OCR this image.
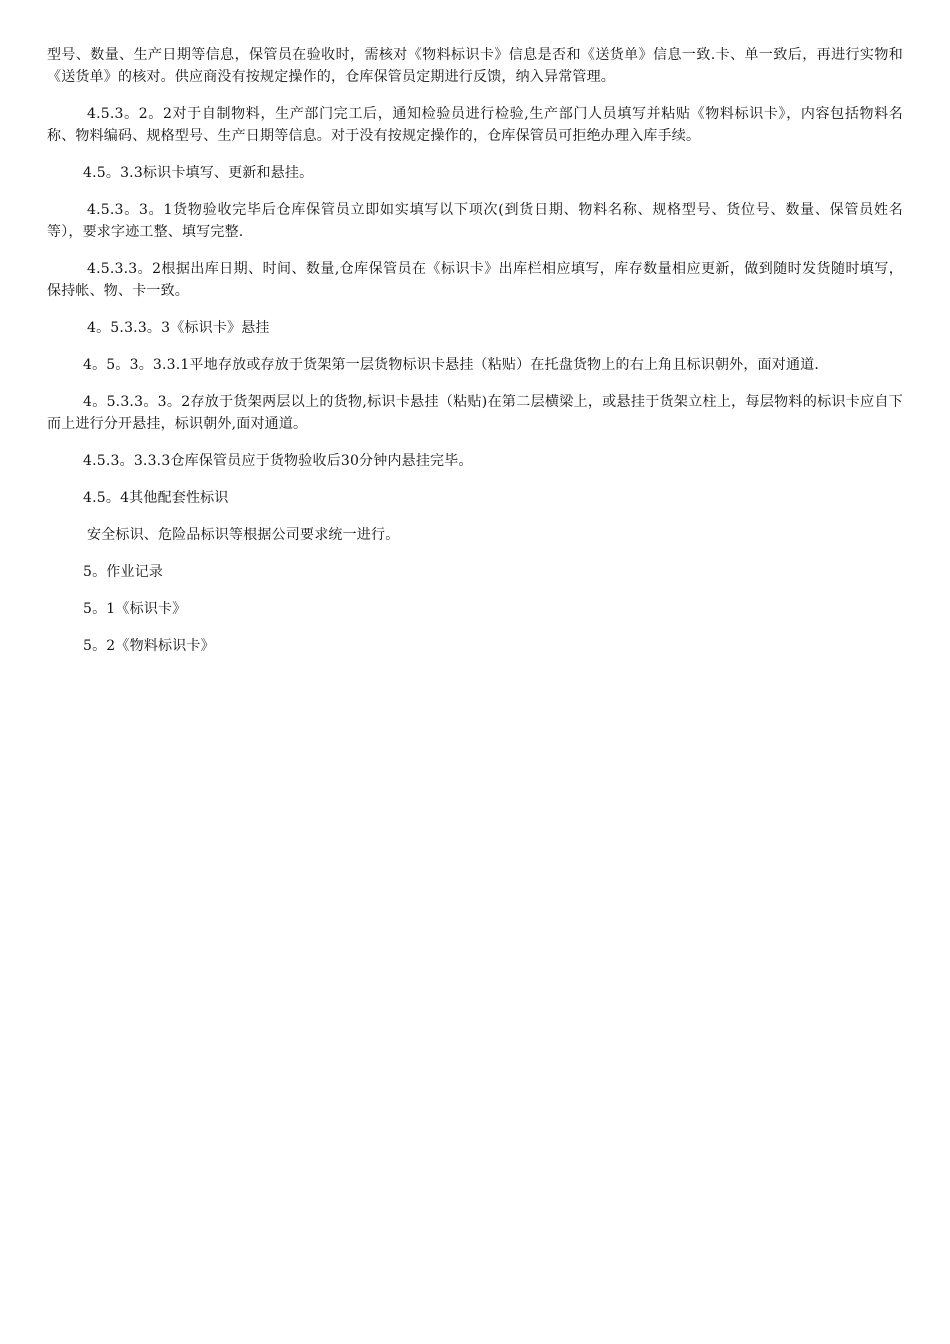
型号、数量、生产日期等信息，保管员在验收时，需核对《物料标识卡》信息是否和《送货单》信息一致.卡、单一致后，再进行实物和《送货单》的核对。供应商没有按规定操作的，仓库保管员定期进行反馈，纳入异常管理。

4.5.3。2。2对于自制物料，生产部门完工后，通知检验员进行检验,生产部门人员填写并粘贴《物料标识卡》，内容包括物料名称、物料编码、规格型号、生产日期等信息。对于没有按规定操作的，仓库保管员可拒绝办理入库手续。

4.5。3.3标识卡填写、更新和悬挂。

4.5.3。3。1货物验收完毕后仓库保管员立即如实填写以下项次(到货日期、物料名称、规格型号、货位号、数量、保管员姓名等），要求字迹工整、填写完整.

4.5.3.3。2根据出库日期、时间、数量,仓库保管员在《标识卡》出库栏相应填写，库存数量相应更新，做到随时发货随时填写，保持帐、物、卡一致。

4。5.3.3。3《标识卡》悬挂

4。5。3。3.3.1平地存放或存放于货架第一层货物标识卡悬挂（粘贴）在托盘货物上的右上角且标识朝外，面对通道.

4。5.3.3。3。2存放于货架两层以上的货物,标识卡悬挂（粘贴)在第二层横梁上，或悬挂于货架立柱上，每层物料的标识卡应自下而上进行分开悬挂，标识朝外,面对通道。

4.5.3。3.3.3仓库保管员应于货物验收后30分钟内悬挂完毕。

4.5。4其他配套性标识

安全标识、危险品标识等根据公司要求统一进行。

5。作业记录

5。1《标识卡》

5。2《物料标识卡》
